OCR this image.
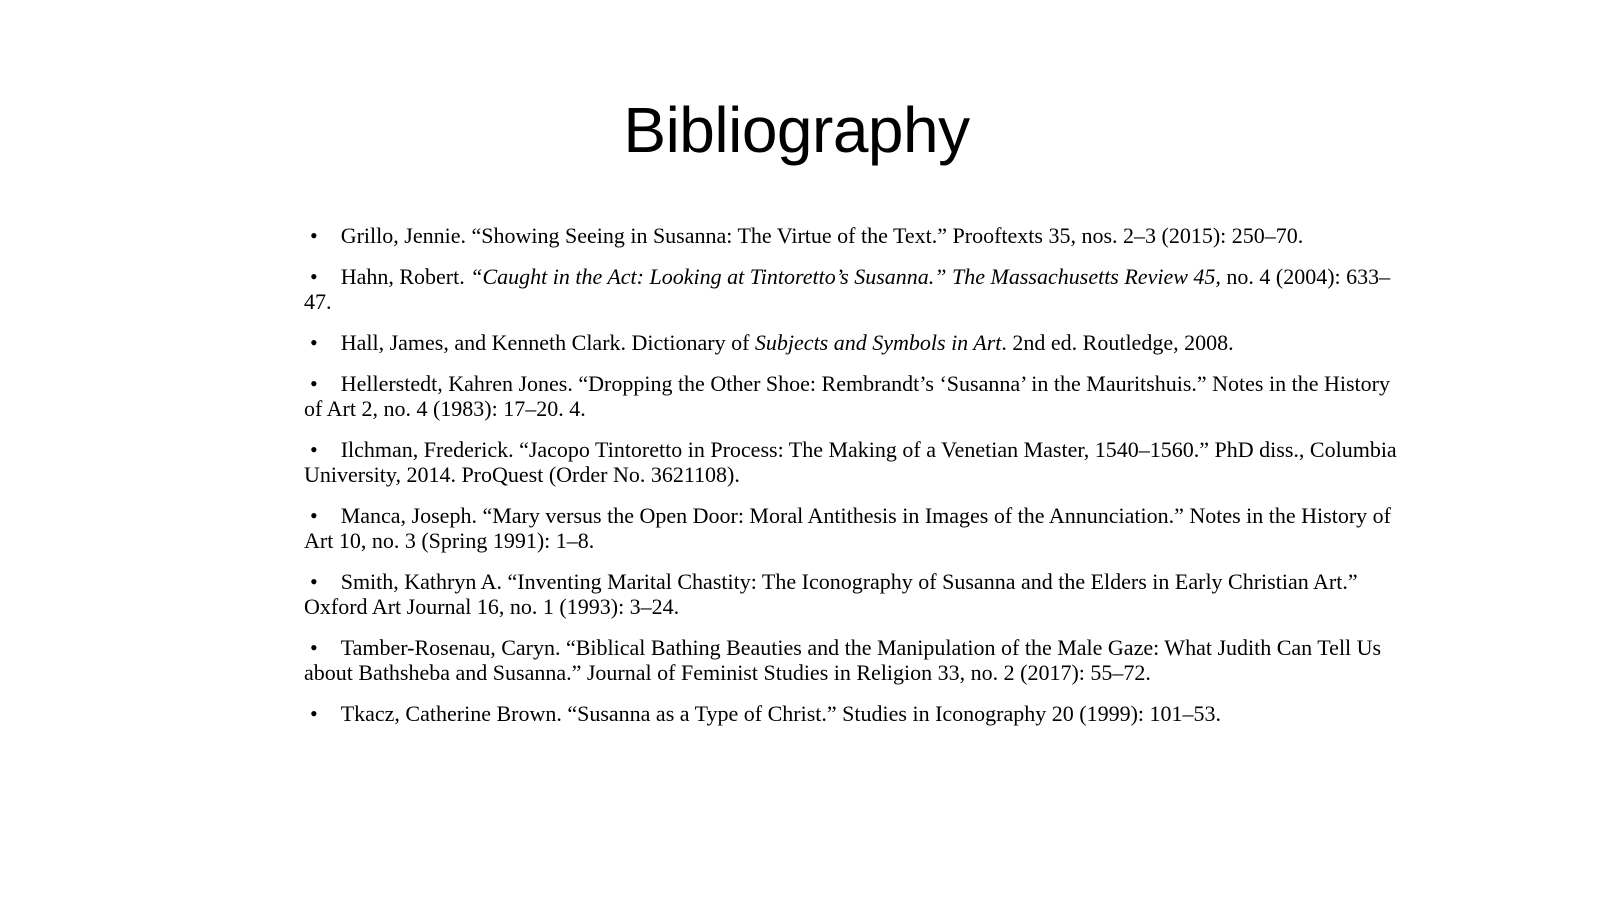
Bibliography

• Grillo, Jennie. “Showing Seeing in Susanna: The Virtue of the Text.” Prooftexts 35, nos. 2–3 (2015): 250–70.

• Hahn, Robert. “Caught in the Act: Looking at Tintoretto’s Susanna.” The Massachusetts Review 45, no. 4 (2004): 633–47.

• Hall, James, and Kenneth Clark. Dictionary of Subjects and Symbols in Art. 2nd ed. Routledge, 2008.

• Hellerstedt, Kahren Jones. “Dropping the Other Shoe: Rembrandt’s ‘Susanna’ in the Mauritshuis.” Notes in the History of Art 2, no. 4 (1983): 17–20. 4.

• Ilchman, Frederick. “Jacopo Tintoretto in Process: The Making of a Venetian Master, 1540–1560.” PhD diss., Columbia University, 2014. ProQuest (Order No. 3621108).

• Manca, Joseph. “Mary versus the Open Door: Moral Antithesis in Images of the Annunciation.” Notes in the History of Art 10, no. 3 (Spring 1991): 1–8.

• Smith, Kathryn A. “Inventing Marital Chastity: The Iconography of Susanna and the Elders in Early Christian Art.” Oxford Art Journal 16, no. 1 (1993): 3–24.

• Tamber-Rosenau, Caryn. “Biblical Bathing Beauties and the Manipulation of the Male Gaze: What Judith Can Tell Us about Bathsheba and Susanna.” Journal of Feminist Studies in Religion 33, no. 2 (2017): 55–72.

• Tkacz, Catherine Brown. “Susanna as a Type of Christ.” Studies in Iconography 20 (1999): 101–53.
